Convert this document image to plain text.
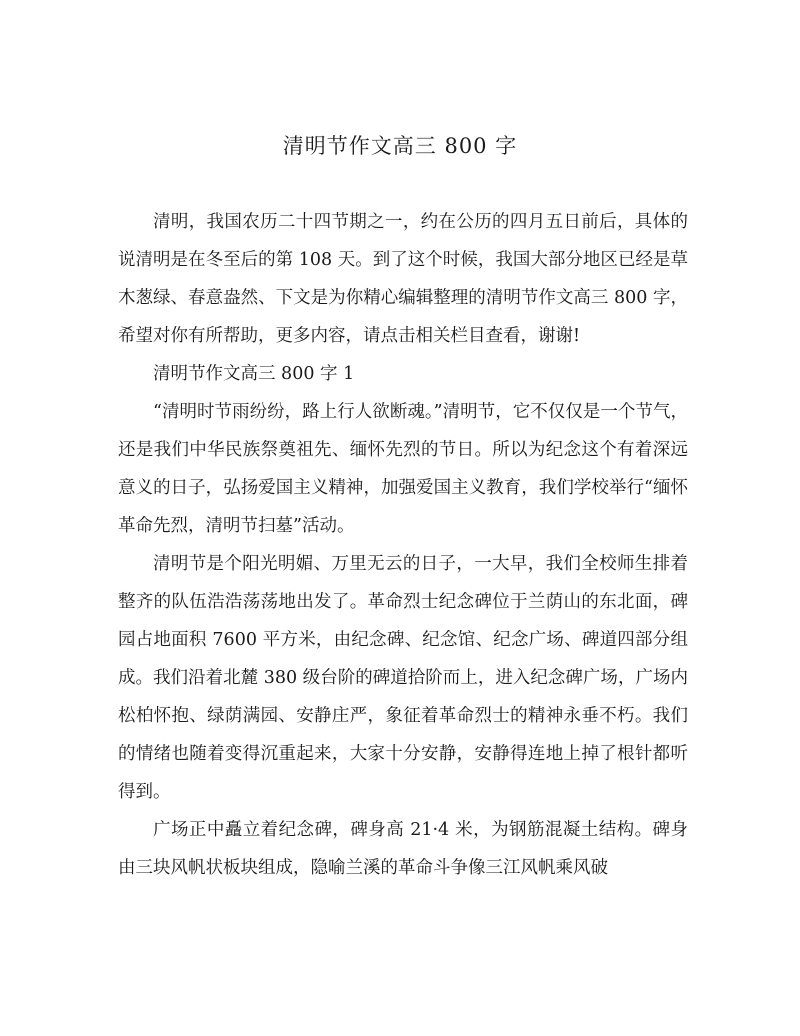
清明节作文高三 800 字

清明，我国农历二十四节期之一，约在公历的四月五日前后，具体的说清明是在冬至后的第 108 天。到了这个时候，我国大部分地区已经是草木葱绿、春意盎然、下文是为你精心编辑整理的清明节作文高三 800 字，希望对你有所帮助，更多内容，请点击相关栏目查看，谢谢!

清明节作文高三 800 字 1

“清明时节雨纷纷，路上行人欲断魂。”清明节，它不仅仅是一个节气，还是我们中华民族祭奠祖先、缅怀先烈的节日。所以为纪念这个有着深远意义的日子，弘扬爱国主义精神，加强爱国主义教育，我们学校举行“缅怀革命先烈，清明节扫墓”活动。

清明节是个阳光明媚、万里无云的日子，一大早，我们全校师生排着整齐的队伍浩浩荡荡地出发了。革命烈士纪念碑位于兰荫山的东北面，碑园占地面积 7600 平方米，由纪念碑、纪念馆、纪念广场、碑道四部分组成。我们沿着北麓 380 级台阶的碑道拾阶而上，进入纪念碑广场，广场内松柏怀抱、绿荫满园、安静庄严，象征着革命烈士的精神永垂不朽。我们的情绪也随着变得沉重起来，大家十分安静，安静得连地上掉了根针都听得到。

广场正中矗立着纪念碑，碑身高 21·4 米，为钢筋混凝土结构。碑身由三块风帆状板块组成，隐喻兰溪的革命斗争像三江风帆乘风破
